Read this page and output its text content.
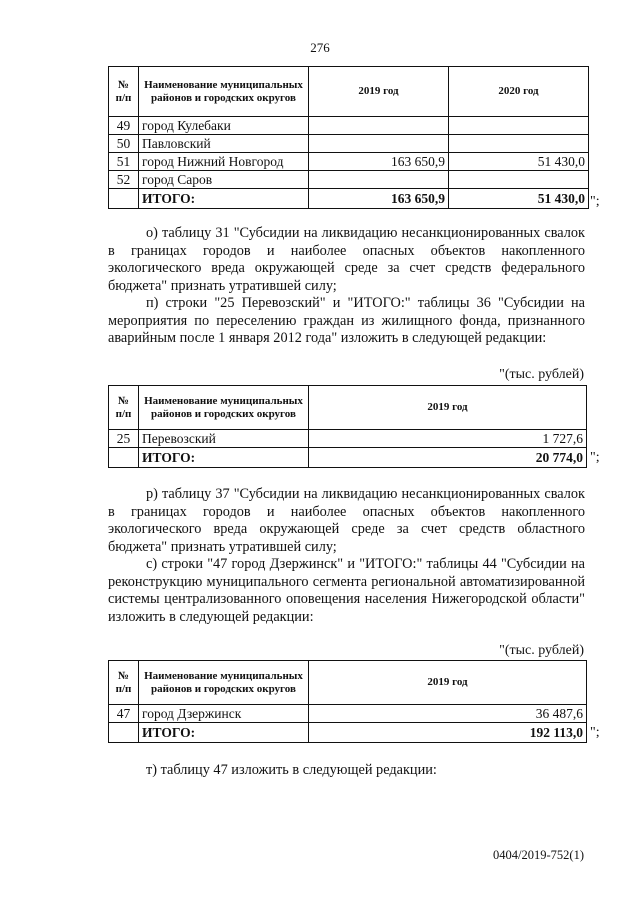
276
№ п/п	Наименование муниципальных районов и городских округов	2019 год	2020 год
49	город Кулебаки		
50	Павловский		
51	город Нижний Новгород	163 650,9	51 430,0
52	город Саров		
	ИТОГО:	163 650,9	51 430,0 ";

о) таблицу 31 "Субсидии на ликвидацию несанкционированных свалок в границах городов и наиболее опасных объектов накопленного экологического вреда окружающей среде за счет средств федерального бюджета" признать утратившей силу;

п) строки "25 Перевозский" и "ИТОГО:" таблицы 36 "Субсидии на мероприятия по переселению граждан из жилищного фонда, признанного аварийным после 1 января 2012 года" изложить в следующей редакции:

"(тыс. рублей)
№ п/п	Наименование муниципальных районов и городских округов	2019 год
25	Перевозский	1 727,6
	ИТОГО:	20 774,0 ";

р) таблицу 37 "Субсидии на ликвидацию несанкционированных свалок в границах городов и наиболее опасных объектов накопленного экологического вреда окружающей среде за счет средств областного бюджета" признать утратившей силу;

с) строки "47 город Дзержинск" и "ИТОГО:" таблицы 44 "Субсидии на реконструкцию муниципального сегмента региональной автоматизированной системы централизованного оповещения населения Нижегородской области" изложить в следующей редакции:

"(тыс. рублей)
№ п/п	Наименование муниципальных районов и городских округов	2019 год
47	город Дзержинск	36 487,6
	ИТОГО:	192 113,0 ";

т) таблицу 47 изложить в следующей редакции:

0404/2019-752(1)
